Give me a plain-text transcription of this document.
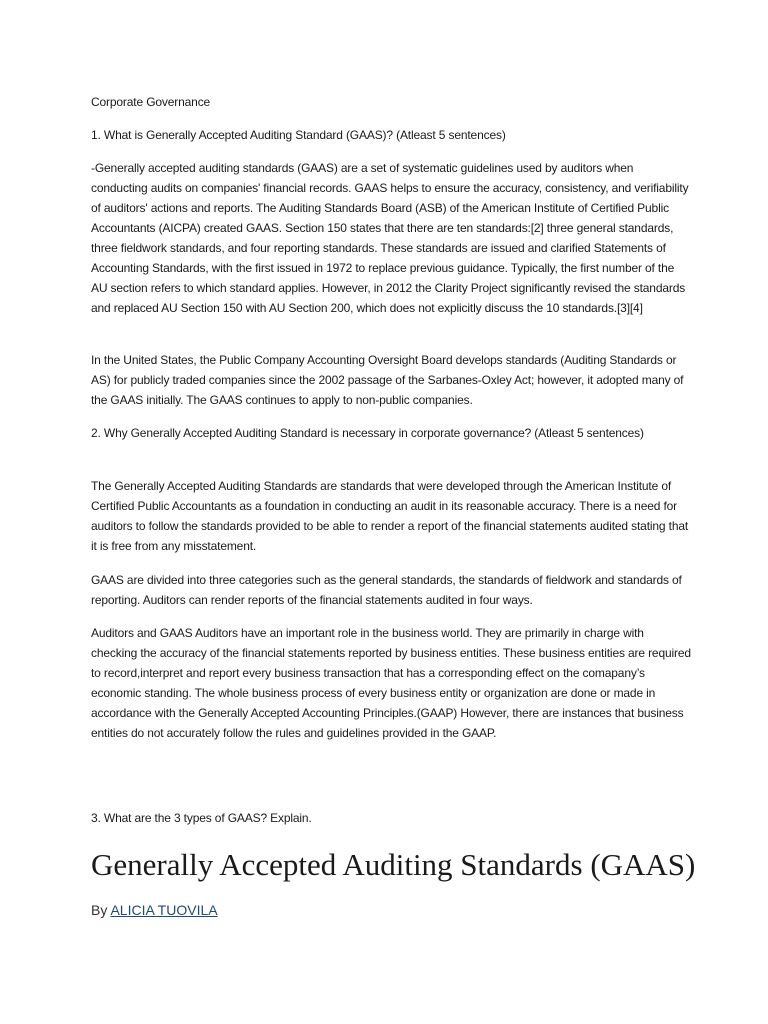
Corporate Governance

1. What is Generally Accepted Auditing Standard (GAAS)? (Atleast 5 sentences)

-Generally accepted auditing standards (GAAS) are a set of systematic guidelines used by auditors when conducting audits on companies' financial records. GAAS helps to ensure the accuracy, consistency, and verifiability of auditors' actions and reports. The Auditing Standards Board (ASB) of the American Institute of Certified Public Accountants (AICPA) created GAAS. Section 150 states that there are ten standards:[2] three general standards, three fieldwork standards, and four reporting standards. These standards are issued and clarified Statements of Accounting Standards, with the first issued in 1972 to replace previous guidance. Typically, the first number of the AU section refers to which standard applies. However, in 2012 the Clarity Project significantly revised the standards and replaced AU Section 150 with AU Section 200, which does not explicitly discuss the 10 standards.[3][4]

In the United States, the Public Company Accounting Oversight Board develops standards (Auditing Standards or AS) for publicly traded companies since the 2002 passage of the Sarbanes-Oxley Act; however, it adopted many of the GAAS initially. The GAAS continues to apply to non-public companies.

2. Why Generally Accepted Auditing Standard is necessary in corporate governance? (Atleast 5 sentences)

The Generally Accepted Auditing Standards are standards that were developed through the American Institute of Certified Public Accountants as a foundation in conducting an audit in its reasonable accuracy. There is a need for auditors to follow the standards provided to be able to render a report of the financial statements audited stating that it is free from any misstatement.

GAAS are divided into three categories such as the general standards, the standards of fieldwork and standards of reporting. Auditors can render reports of the financial statements audited in four ways.

Auditors and GAAS Auditors have an important role in the business world. They are primarily in charge with checking the accuracy of the financial statements reported by business entities. These business entities are required to record,interpret and report every business transaction that has a corresponding effect on the comapany’s economic standing. The whole business process of every business entity or organization are done or made in accordance with the Generally Accepted Accounting Principles.(GAAP) However, there are instances that business entities do not accurately follow the rules and guidelines provided in the GAAP.

3. What are the 3 types of GAAS? Explain.

Generally Accepted Auditing Standards (GAAS)

By ALICIA TUOVILA
